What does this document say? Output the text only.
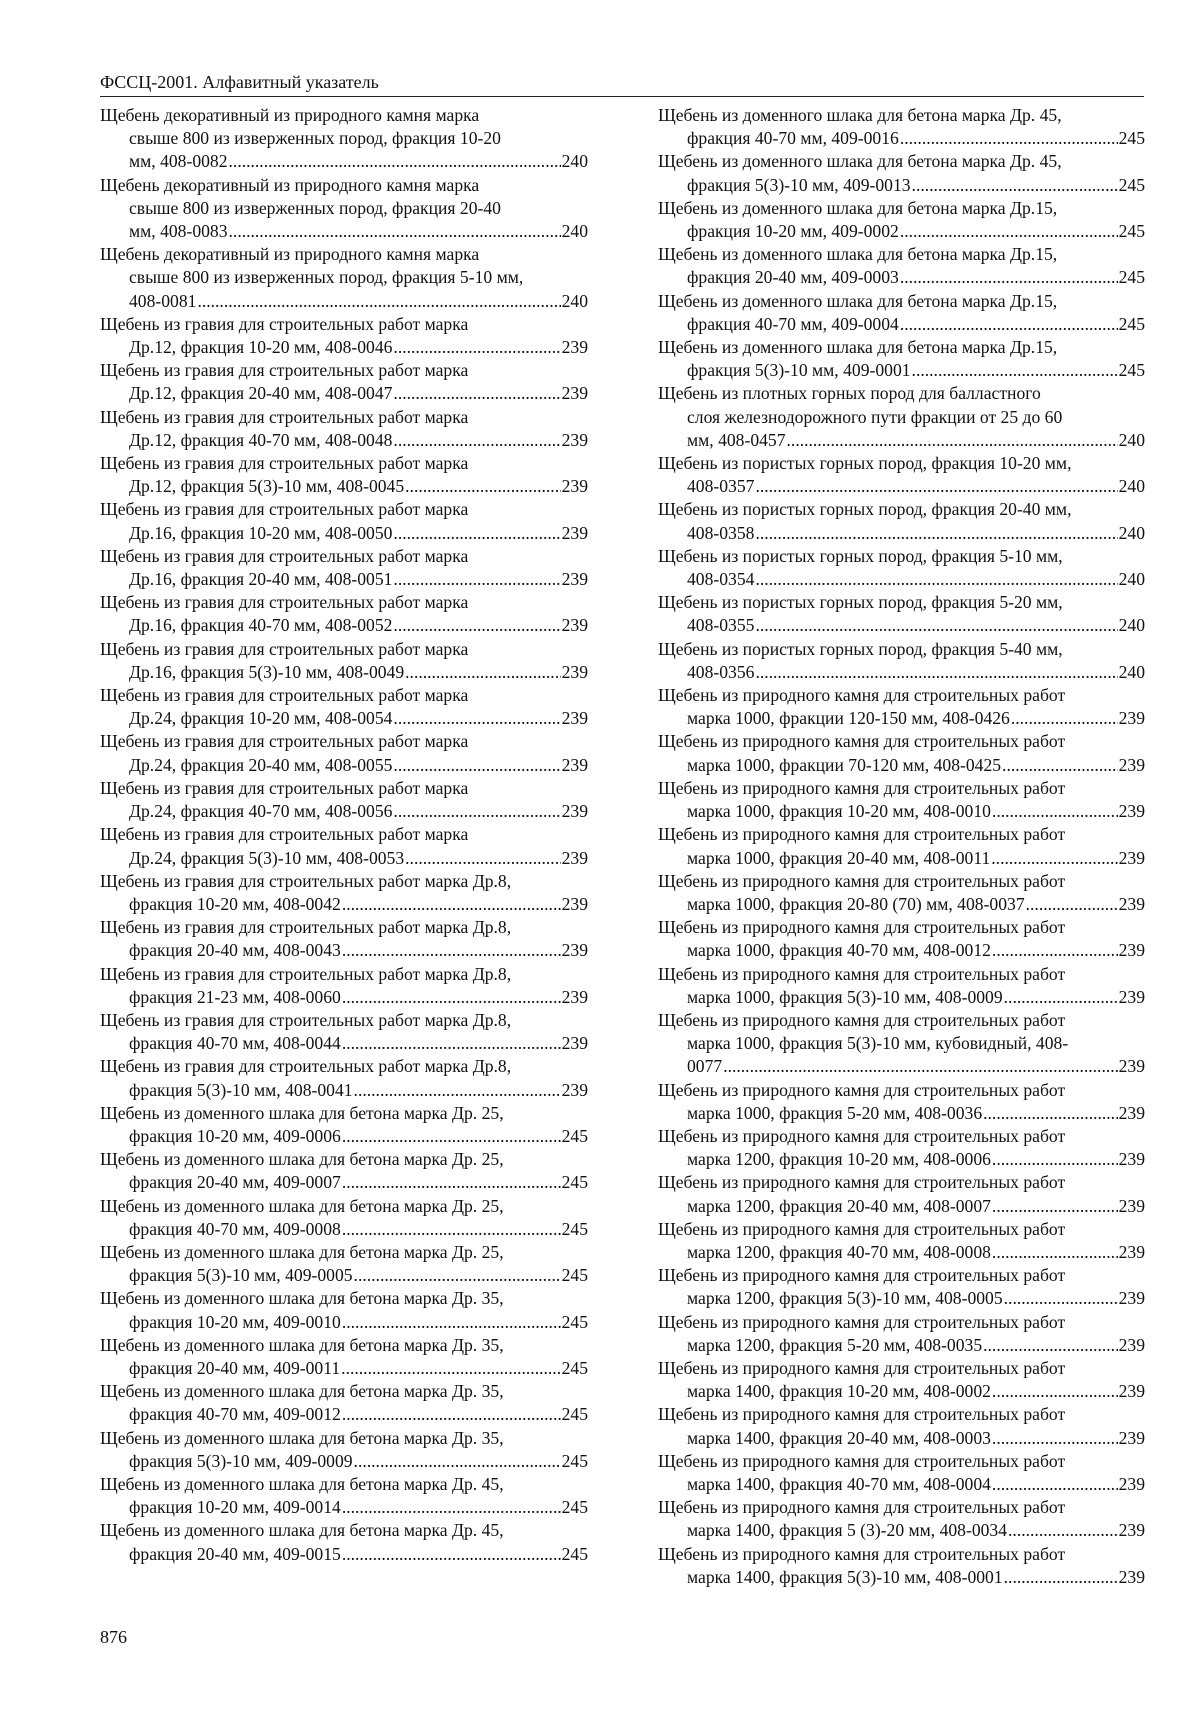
ФССЦ-2001. Алфавитный указатель
Щебень декоративный из природного камня марка
свыше 800 из изверженных пород, фракция 10-20
мм, 408-0082 .....	240
Щебень декоративный из природного камня марка
свыше 800 из изверженных пород, фракция 20-40
мм, 408-0083 .....	240
Щебень декоративный из природного камня марка
свыше 800 из изверженных пород, фракция 5-10 мм,
408-0081 .....	240
Щебень из гравия для строительных работ марка
Др.12, фракция 10-20 мм, 408-0046 .....	239
Щебень из гравия для строительных работ марка
Др.12, фракция 20-40 мм, 408-0047 .....	239
Щебень из гравия для строительных работ марка
Др.12, фракция 40-70 мм, 408-0048 .....	239
Щебень из гравия для строительных работ марка
Др.12, фракция 5(3)-10 мм, 408-0045 .....	239
Щебень из гравия для строительных работ марка
Др.16, фракция 10-20 мм, 408-0050 .....	239
Щебень из гравия для строительных работ марка
Др.16, фракция 20-40 мм, 408-0051 .....	239
Щебень из гравия для строительных работ марка
Др.16, фракция 40-70 мм, 408-0052 .....	239
Щебень из гравия для строительных работ марка
Др.16, фракция 5(3)-10 мм, 408-0049 .....	239
Щебень из гравия для строительных работ марка
Др.24, фракция 10-20 мм, 408-0054 .....	239
Щебень из гравия для строительных работ марка
Др.24, фракция 20-40 мм, 408-0055 .....	239
Щебень из гравия для строительных работ марка
Др.24, фракция 40-70 мм, 408-0056 .....	239
Щебень из гравия для строительных работ марка
Др.24, фракция 5(3)-10 мм, 408-0053 .....	239
Щебень из гравия для строительных работ марка Др.8,
фракция 10-20 мм, 408-0042 .....	239
Щебень из гравия для строительных работ марка Др.8,
фракция 20-40 мм, 408-0043 .....	239
Щебень из гравия для строительных работ марка Др.8,
фракция 21-23 мм, 408-0060 .....	239
Щебень из гравия для строительных работ марка Др.8,
фракция 40-70 мм, 408-0044 .....	239
Щебень из гравия для строительных работ марка Др.8,
фракция 5(3)-10 мм, 408-0041 .....	239
Щебень из доменного шлака для бетона марка Др. 25,
фракция 10-20 мм, 409-0006 .....	245
Щебень из доменного шлака для бетона марка Др. 25,
фракция 20-40 мм, 409-0007 .....	245
Щебень из доменного шлака для бетона марка Др. 25,
фракция 40-70 мм, 409-0008 .....	245
Щебень из доменного шлака для бетона марка Др. 25,
фракция 5(3)-10 мм, 409-0005 .....	245
Щебень из доменного шлака для бетона марка Др. 35,
фракция 10-20 мм, 409-0010 .....	245
Щебень из доменного шлака для бетона марка Др. 35,
фракция 20-40 мм, 409-0011 .....	245
Щебень из доменного шлака для бетона марка Др. 35,
фракция 40-70 мм, 409-0012 .....	245
Щебень из доменного шлака для бетона марка Др. 35,
фракция 5(3)-10 мм, 409-0009 .....	245
Щебень из доменного шлака для бетона марка Др. 45,
фракция 10-20 мм, 409-0014 .....	245
Щебень из доменного шлака для бетона марка Др. 45,
фракция 20-40 мм, 409-0015 .....	245
Щебень из доменного шлака для бетона марка Др. 45,
фракция 40-70 мм, 409-0016 .....	245
Щебень из доменного шлака для бетона марка Др. 45,
фракция 5(3)-10 мм, 409-0013 .....	245
Щебень из доменного шлака для бетона марка Др.15,
фракция 10-20 мм, 409-0002 .....	245
Щебень из доменного шлака для бетона марка Др.15,
фракция 20-40 мм, 409-0003 .....	245
Щебень из доменного шлака для бетона марка Др.15,
фракция 40-70 мм, 409-0004 .....	245
Щебень из доменного шлака для бетона марка Др.15,
фракция 5(3)-10 мм, 409-0001 .....	245
Щебень из плотных горных пород для балластного
слоя железнодорожного пути фракции от 25 до 60
мм, 408-0457 .....	240
Щебень из пористых горных пород, фракция 10-20 мм,
408-0357 .....	240
Щебень из пористых горных пород, фракция 20-40 мм,
408-0358 .....	240
Щебень из пористых горных пород, фракция 5-10 мм,
408-0354 .....	240
Щебень из пористых горных пород, фракция 5-20 мм,
408-0355 .....	240
Щебень из пористых горных пород, фракция 5-40 мм,
408-0356 .....	240
Щебень из природного камня для строительных работ
марка 1000, фракции 120-150 мм, 408-0426 .....	239
Щебень из природного камня для строительных работ
марка 1000, фракции 70-120 мм, 408-0425 .....	239
Щебень из природного камня для строительных работ
марка 1000, фракция 10-20 мм, 408-0010 .....	239
Щебень из природного камня для строительных работ
марка 1000, фракция 20-40 мм, 408-0011 .....	239
Щебень из природного камня для строительных работ
марка 1000, фракция 20-80 (70) мм, 408-0037 .....	239
Щебень из природного камня для строительных работ
марка 1000, фракция 40-70 мм, 408-0012 .....	239
Щебень из природного камня для строительных работ
марка 1000, фракция 5(3)-10 мм, 408-0009 .....	239
Щебень из природного камня для строительных работ
марка 1000, фракция 5(3)-10 мм, кубовидный, 408-
0077 .....	239
Щебень из природного камня для строительных работ
марка 1000, фракция 5-20 мм, 408-0036 .....	239
Щебень из природного камня для строительных работ
марка 1200, фракция 10-20 мм, 408-0006 .....	239
Щебень из природного камня для строительных работ
марка 1200, фракция 20-40 мм, 408-0007 .....	239
Щебень из природного камня для строительных работ
марка 1200, фракция 40-70 мм, 408-0008 .....	239
Щебень из природного камня для строительных работ
марка 1200, фракция 5(3)-10 мм, 408-0005 .....	239
Щебень из природного камня для строительных работ
марка 1200, фракция 5-20 мм, 408-0035 .....	239
Щебень из природного камня для строительных работ
марка 1400, фракция 10-20 мм, 408-0002 .....	239
Щебень из природного камня для строительных работ
марка 1400, фракция 20-40 мм, 408-0003 .....	239
Щебень из природного камня для строительных работ
марка 1400, фракция 40-70 мм, 408-0004 .....	239
Щебень из природного камня для строительных работ
марка 1400, фракция 5 (3)-20 мм, 408-0034 .....	239
Щебень из природного камня для строительных работ
марка 1400, фракция 5(3)-10 мм, 408-0001 .....	239
876
